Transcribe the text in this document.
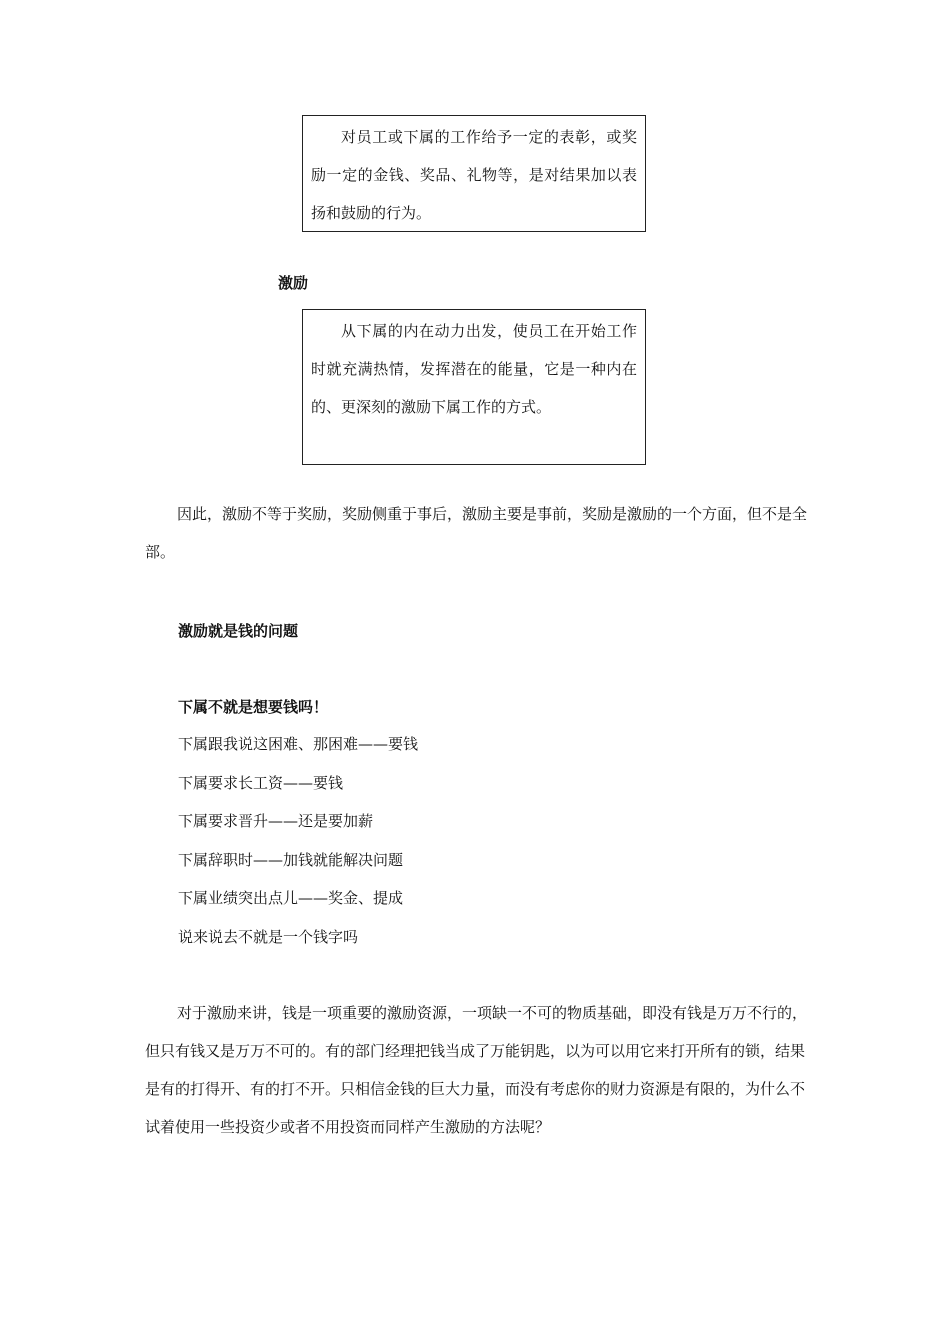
对员工或下属的工作给予一定的表彰，或奖励一定的金钱、奖品、礼物等，是对结果加以表扬和鼓励的行为。

激励

从下属的内在动力出发，使员工在开始工作时就充满热情，发挥潜在的能量，它是一种内在的、更深刻的激励下属工作的方式。

因此，激励不等于奖励，奖励侧重于事后，激励主要是事前，奖励是激励的一个方面，但不是全部。

激励就是钱的问题
下属不就是想要钱吗！
下属跟我说这困难、那困难——要钱
下属要求长工资——要钱
下属要求晋升——还是要加薪
下属辞职时——加钱就能解决问题
下属业绩突出点儿——奖金、提成
说来说去不就是一个钱字吗

对于激励来讲，钱是一项重要的激励资源，一项缺一不可的物质基础，即没有钱是万万不行的，但只有钱又是万万不可的。有的部门经理把钱当成了万能钥匙，以为可以用它来打开所有的锁，结果是有的打得开、有的打不开。只相信金钱的巨大力量，而没有考虑你的财力资源是有限的，为什么不试着使用一些投资少或者不用投资而同样产生激励的方法呢？
